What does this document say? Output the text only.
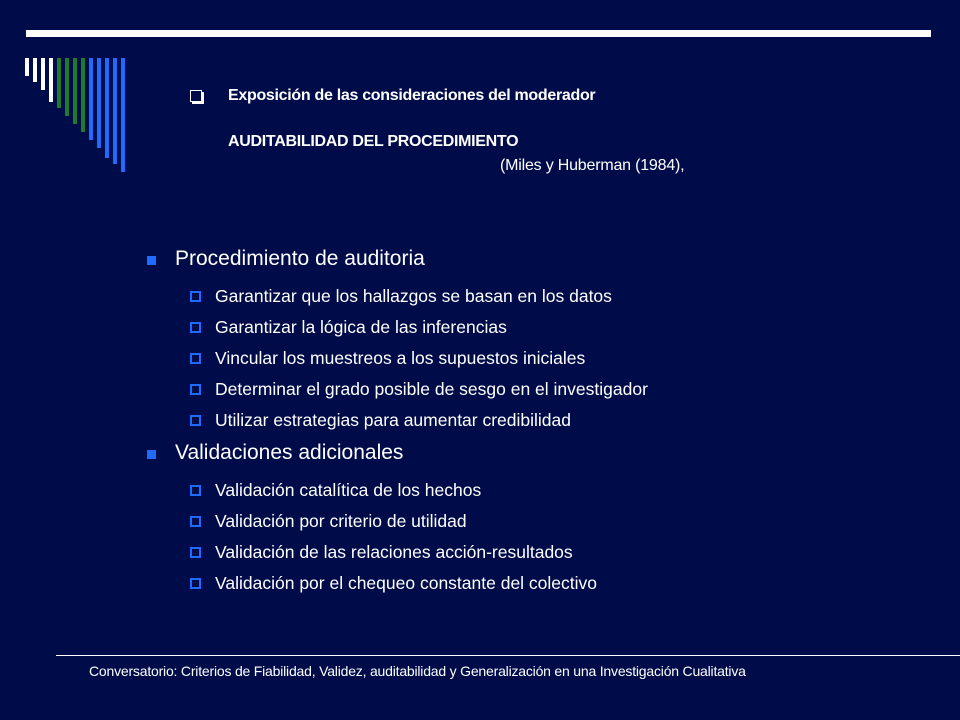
Exposición de las consideraciones del moderador
AUDITABILIDAD DEL PROCEDIMIENTO
(Miles y Huberman (1984),
Procedimiento de auditoria
Garantizar que los hallazgos se basan en los datos
Garantizar la lógica de las inferencias
Vincular los muestreos a los supuestos iniciales
Determinar el grado posible de sesgo en el investigador
Utilizar estrategias para aumentar credibilidad
Validaciones adicionales
Validación catalítica de los hechos
Validación por criterio de utilidad
Validación de las relaciones acción-resultados
Validación por el chequeo constante del colectivo
Conversatorio: Criterios de Fiabilidad, Validez, auditabilidad y Generalización en una Investigación Cualitativa
